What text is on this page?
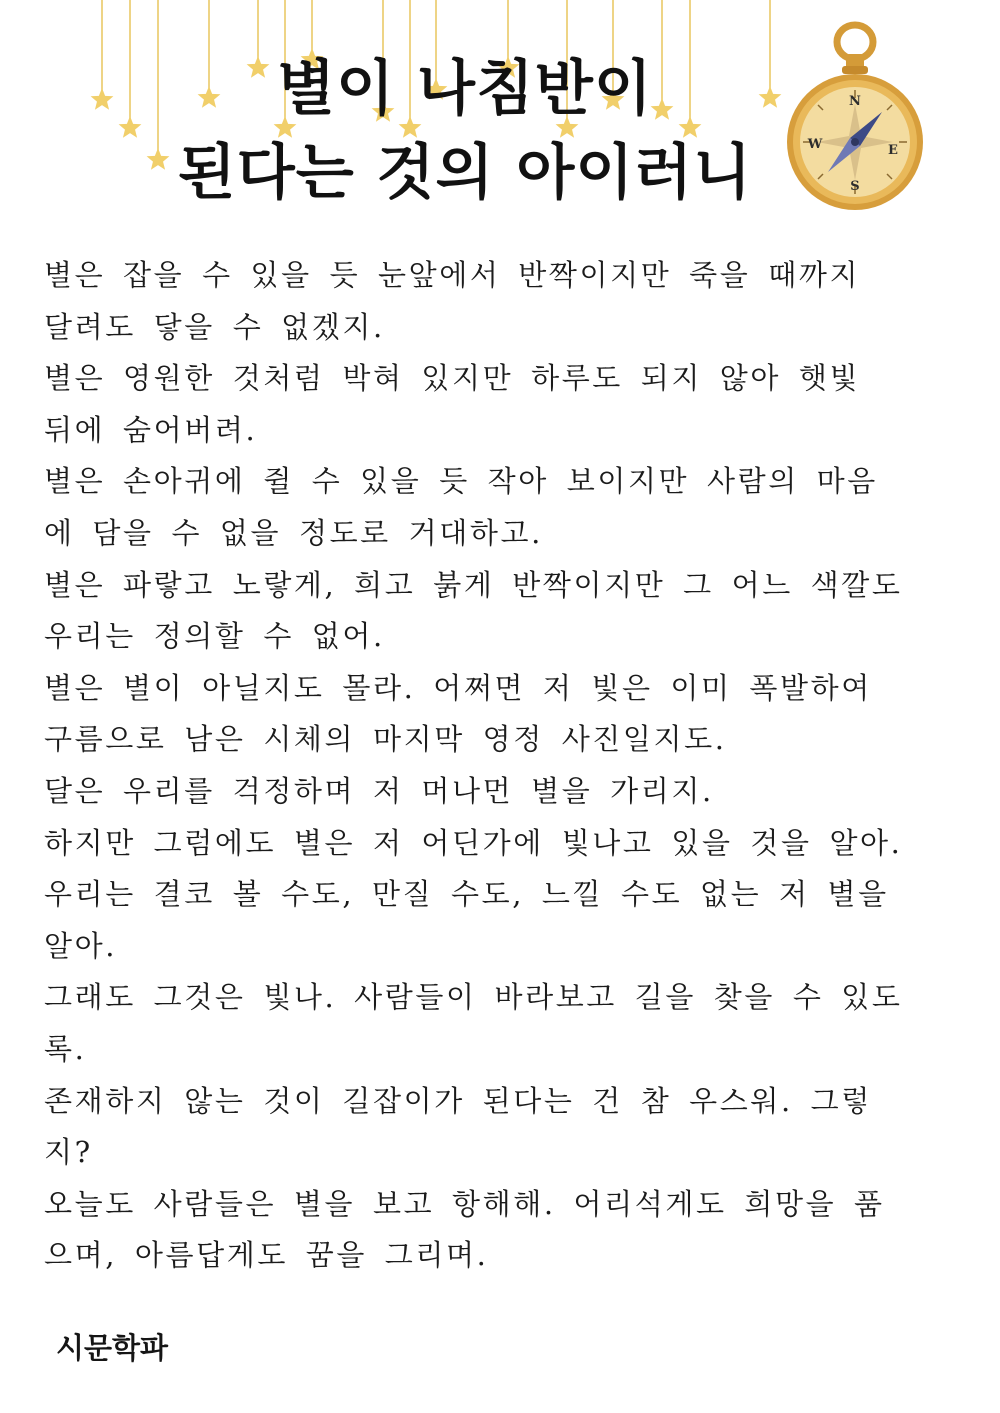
별이 나침반이
된다는 것의 아이러니
N
E
S
W
별은 잡을 수 있을 듯 눈앞에서 반짝이지만 죽을 때까지
달려도 닿을 수 없겠지.
별은 영원한 것처럼 박혀 있지만 하루도 되지 않아 햇빛
뒤에 숨어버려.
별은 손아귀에 쥘 수 있을 듯 작아 보이지만 사람의 마음
에 담을 수 없을 정도로 거대하고.
별은 파랗고 노랗게, 희고 붉게 반짝이지만 그 어느 색깔도
우리는 정의할 수 없어.
별은 별이 아닐지도 몰라. 어쩌면 저 빛은 이미 폭발하여
구름으로 남은 시체의 마지막 영정 사진일지도.
달은 우리를 걱정하며 저 머나먼 별을 가리지.
하지만 그럼에도 별은 저 어딘가에 빛나고 있을 것을 알아.
우리는 결코 볼 수도, 만질 수도, 느낄 수도 없는 저 별을
알아.
그래도 그것은 빛나. 사람들이 바라보고 길을 찾을 수 있도
록.
존재하지 않는 것이 길잡이가 된다는 건 참 우스워. 그렇
지?
오늘도 사람들은 별을 보고 항해해. 어리석게도 희망을 품
으며, 아름답게도 꿈을 그리며.
시문학파
